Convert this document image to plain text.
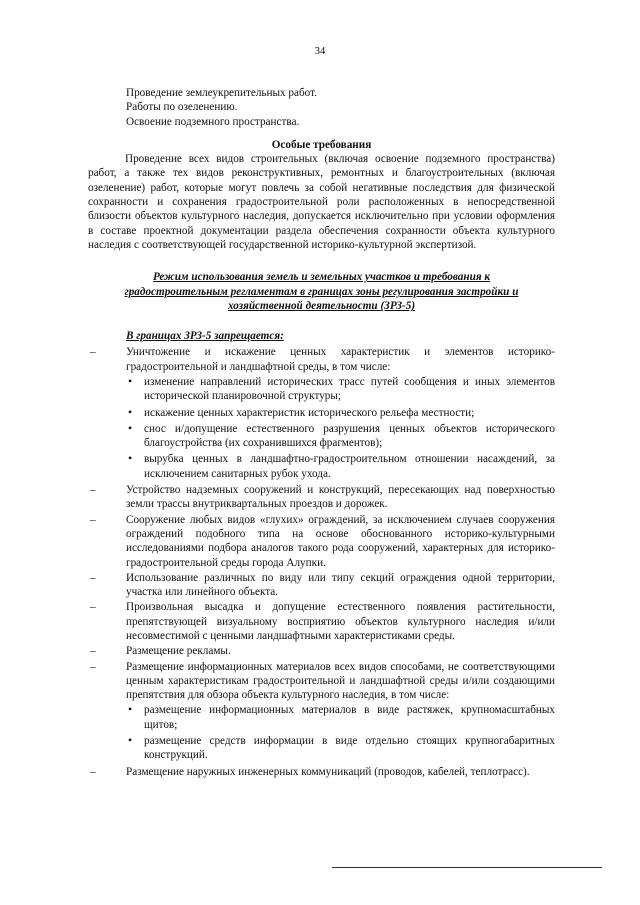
34
Проведение землеукрепительных работ.
Работы по озеленению.
Освоение подземного пространства.
Особые требования

Проведение всех видов строительных (включая освоение подземного пространства) работ, а также тех видов реконструктивных, ремонтных и благоустроительных (включая озеленение) работ, которые могут повлечь за собой негативные последствия для физической сохранности и сохранения градостроительной роли расположенных в непосредственной близости объектов культурного наследия, допускается исключительно при условии оформления в составе проектной документации раздела обеспечения сохранности объекта культурного наследия с соответствующей государственной историко-культурной экспертизой.

Режим использования земель и земельных участков и требования к
градостроительным регламентам в границах зоны регулирования застройки и
хозяйственной деятельности (ЗРЗ-5)
В границах ЗРЗ-5 запрещается:
–	Уничтожение и искажение ценных характеристик и элементов историко-градостроительной и ландшафтной среды, в том числе:
• изменение направлений исторических трасс путей сообщения и иных элементов исторической планировочной структуры;
• искажение ценных характеристик исторического рельефа местности;
• снос и/допущение естественного разрушения ценных объектов исторического благоустройства (их сохранившихся фрагментов);
• вырубка ценных в ландшафтно-градостроительном отношении насаждений, за исключением санитарных рубок ухода.
–	Устройство надземных сооружений и конструкций, пересекающих над поверхностью земли трассы внутриквартальных проездов и дорожек.
–	Сооружение любых видов «глухих» ограждений, за исключением случаев сооружения ограждений подобного типа на основе обоснованного историко-культурными исследованиями подбора аналогов такого рода сооружений, характерных для историко-градостроительной среды города Алупки.
–	Использование различных по виду или типу секций ограждения одной территории, участка или линейного объекта.
–	Произвольная высадка и допущение естественного появления растительности, препятствующей визуальному восприятию объектов культурного наследия и/или несовместимой с ценными ландшафтными характеристиками среды.
–	Размещение рекламы.
–	Размещение информационных материалов всех видов способами, не соответствующими ценным характеристикам градостроительной и ландшафтной среды и/или создающими препятствия для обзора объекта культурного наследия, в том числе:
• размещение информационных материалов в виде растяжек, крупномасштабных щитов;
• размещение средств информации в виде отдельно стоящих крупногабаритных конструкций.
–	Размещение наружных инженерных коммуникаций (проводов, кабелей, теплотрасс).
